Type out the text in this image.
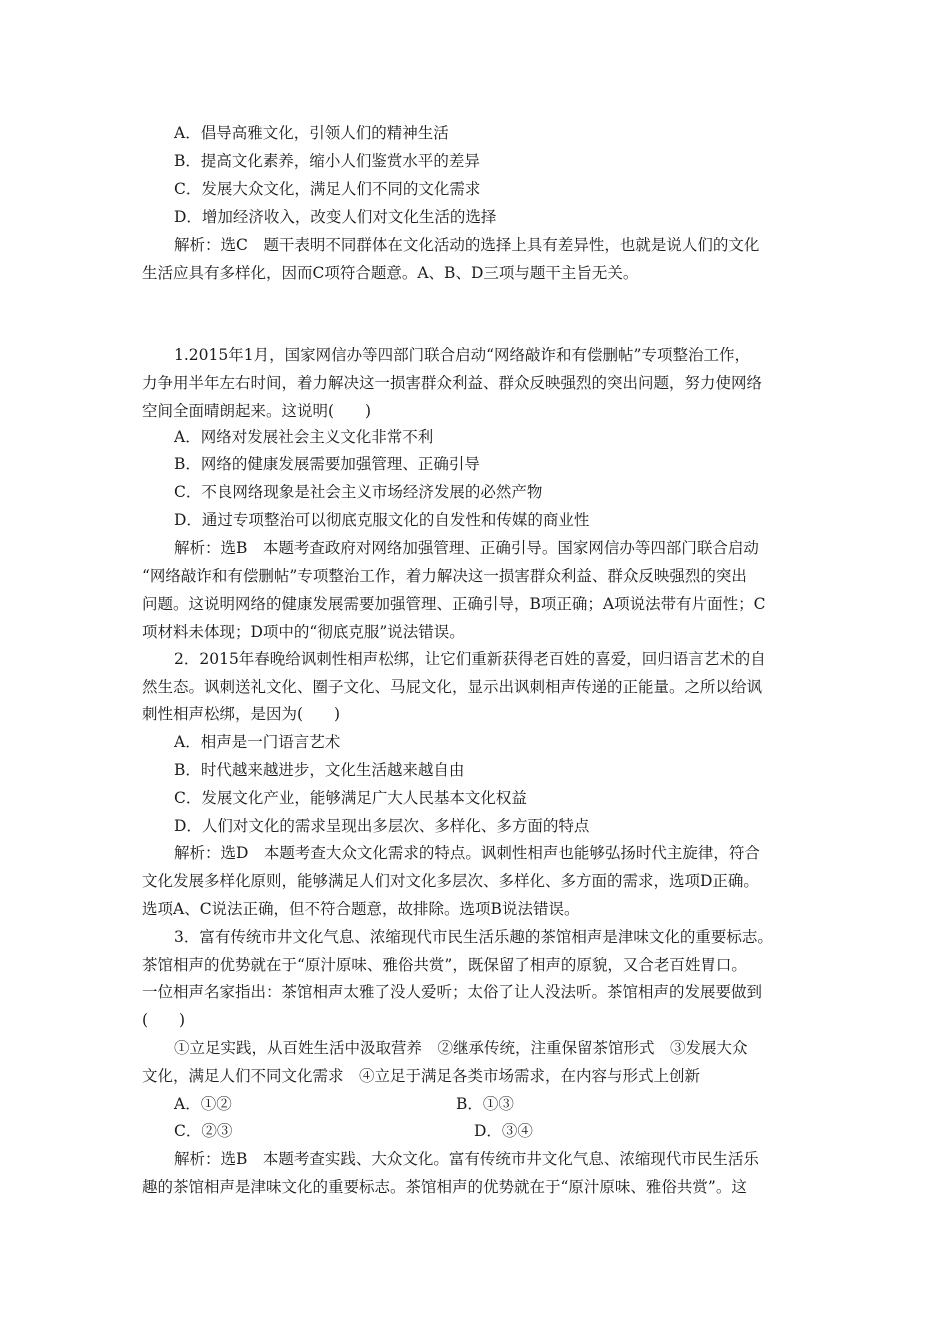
A．倡导高雅文化，引领人们的精神生活
B．提高文化素养，缩小人们鉴赏水平的差异
C．发展大众文化，满足人们不同的文化需求
D．增加经济收入，改变人们对文化生活的选择
解析：选C　题干表明不同群体在文化活动的选择上具有差异性，也就是说人们的文化
生活应具有多样化，因而C项符合题意。A、B、D三项与题干主旨无关。
1.2015年1月，国家网信办等四部门联合启动“网络敲诈和有偿删帖”专项整治工作，
力争用半年左右时间，着力解决这一损害群众利益、群众反映强烈的突出问题，努力使网络
空间全面晴朗起来。这说明(　　)
A．网络对发展社会主义文化非常不利
B．网络的健康发展需要加强管理、正确引导
C．不良网络现象是社会主义市场经济发展的必然产物
D．通过专项整治可以彻底克服文化的自发性和传媒的商业性
解析：选B　本题考查政府对网络加强管理、正确引导。国家网信办等四部门联合启动
“网络敲诈和有偿删帖”专项整治工作，着力解决这一损害群众利益、群众反映强烈的突出
问题。这说明网络的健康发展需要加强管理、正确引导，B项正确；A项说法带有片面性；C
项材料未体现；D项中的“彻底克服”说法错误。
2．2015年春晚给讽刺性相声松绑，让它们重新获得老百姓的喜爱，回归语言艺术的自
然生态。讽刺送礼文化、圈子文化、马屁文化，显示出讽刺相声传递的正能量。之所以给讽
刺性相声松绑，是因为(　　)
A．相声是一门语言艺术
B．时代越来越进步，文化生活越来越自由
C．发展文化产业，能够满足广大人民基本文化权益
D．人们对文化的需求呈现出多层次、多样化、多方面的特点
解析：选D　本题考查大众文化需求的特点。讽刺性相声也能够弘扬时代主旋律，符合
文化发展多样化原则，能够满足人们对文化多层次、多样化、多方面的需求，选项D正确。
选项A、C说法正确，但不符合题意，故排除。选项B说法错误。
3．富有传统市井文化气息、浓缩现代市民生活乐趣的茶馆相声是津味文化的重要标志。
茶馆相声的优势就在于“原汁原味、雅俗共赏”，既保留了相声的原貌，又合老百姓胃口。
一位相声名家指出：茶馆相声太雅了没人爱听；太俗了让人没法听。茶馆相声的发展要做到
(　　)
①立足实践，从百姓生活中汲取营养　②继承传统，注重保留茶馆形式　③发展大众
文化，满足人们不同文化需求　④立足于满足各类市场需求，在内容与形式上创新
A．①②	B．①③
C．②③	D．③④
解析：选B　本题考查实践、大众文化。富有传统市井文化气息、浓缩现代市民生活乐
趣的茶馆相声是津味文化的重要标志。茶馆相声的优势就在于“原汁原味、雅俗共赏”。这
